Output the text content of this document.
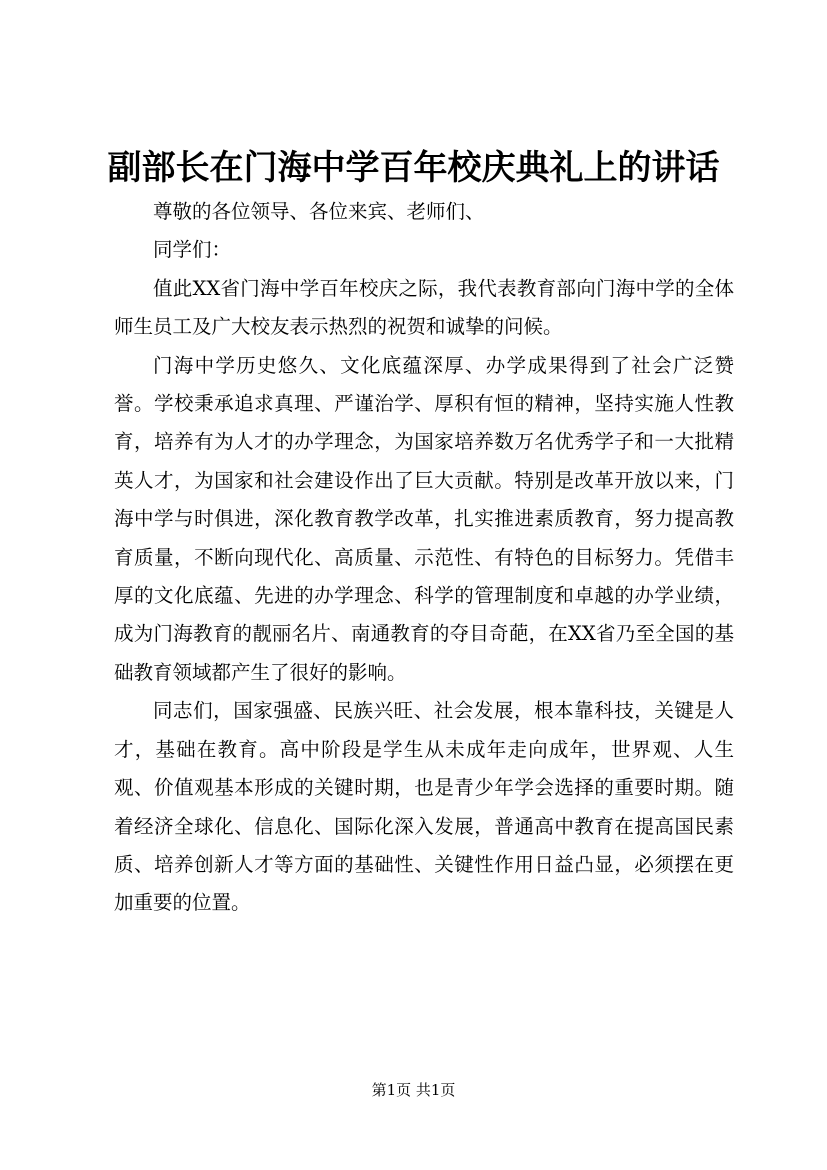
副部长在门海中学百年校庆典礼上的讲话

尊敬的各位领导、各位来宾、老师们、

同学们：

值此XX省门海中学百年校庆之际，我代表教育部向门海中学的全体师生员工及广大校友表示热烈的祝贺和诚挚的问候。

门海中学历史悠久、文化底蕴深厚、办学成果得到了社会广泛赞誉。学校秉承追求真理、严谨治学、厚积有恒的精神，坚持实施人性教育，培养有为人才的办学理念，为国家培养数万名优秀学子和一大批精英人才，为国家和社会建设作出了巨大贡献。特别是改革开放以来，门海中学与时俱进，深化教育教学改革，扎实推进素质教育，努力提高教育质量，不断向现代化、高质量、示范性、有特色的目标努力。凭借丰厚的文化底蕴、先进的办学理念、科学的管理制度和卓越的办学业绩，成为门海教育的靓丽名片、南通教育的夺目奇葩，在XX省乃至全国的基础教育领域都产生了很好的影响。

同志们，国家强盛、民族兴旺、社会发展，根本靠科技，关键是人才，基础在教育。高中阶段是学生从未成年走向成年，世界观、人生观、价值观基本形成的关键时期，也是青少年学会选择的重要时期。随着经济全球化、信息化、国际化深入发展，普通高中教育在提高国民素质、培养创新人才等方面的基础性、关键性作用日益凸显，必须摆在更加重要的位置。

第1页 共1页
